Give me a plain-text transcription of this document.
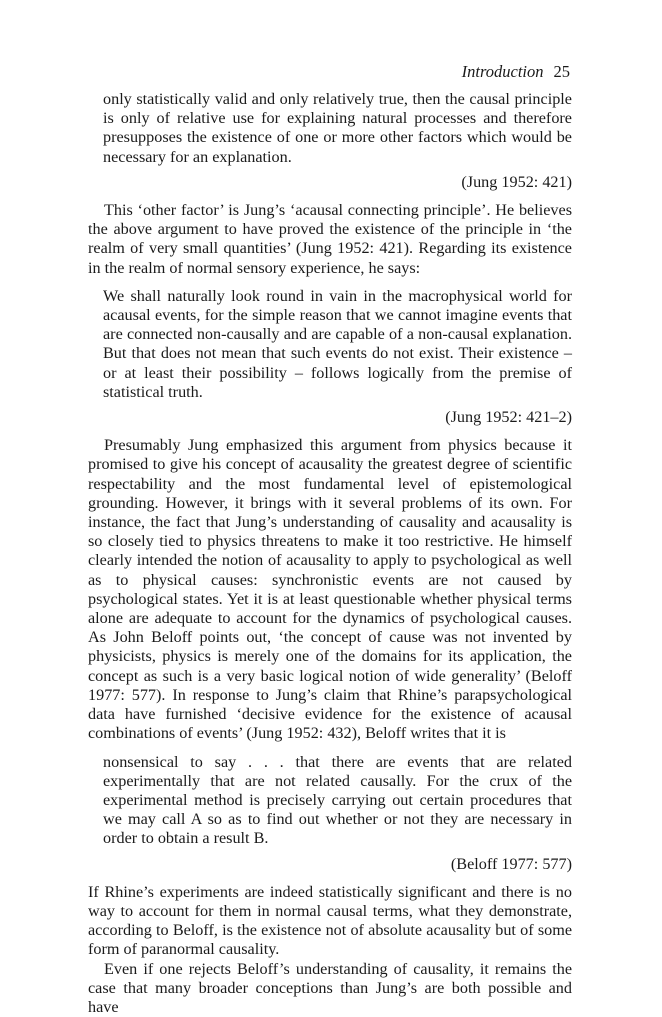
Introduction 25

only statistically valid and only relatively true, then the causal principle is only of relative use for explaining natural processes and therefore presupposes the existence of one or more other factors which would be necessary for an explanation.

(Jung 1952: 421)

This ‘other factor’ is Jung’s ‘acausal connecting principle’. He believes the above argument to have proved the existence of the principle in ‘the realm of very small quantities’ (Jung 1952: 421). Regarding its existence in the realm of normal sensory experience, he says:

We shall naturally look round in vain in the macrophysical world for acausal events, for the simple reason that we cannot imagine events that are connected non-causally and are capable of a non-causal explanation. But that does not mean that such events do not exist. Their existence – or at least their possibility – follows logically from the premise of statistical truth.

(Jung 1952: 421–2)

Presumably Jung emphasized this argument from physics because it promised to give his concept of acausality the greatest degree of scientific respectability and the most fundamental level of epistemological grounding. However, it brings with it several problems of its own. For instance, the fact that Jung’s understanding of causality and acausality is so closely tied to physics threatens to make it too restrictive. He himself clearly intended the notion of acausality to apply to psychological as well as to physical causes: synchronistic events are not caused by psychological states. Yet it is at least questionable whether physical terms alone are adequate to account for the dynamics of psychological causes. As John Beloff points out, ‘the concept of cause was not invented by physicists, physics is merely one of the domains for its application, the concept as such is a very basic logical notion of wide generality’ (Beloff 1977: 577). In response to Jung’s claim that Rhine’s parapsychological data have furnished ‘decisive evidence for the existence of acausal combinations of events’ (Jung 1952: 432), Beloff writes that it is

nonsensical to say . . . that there are events that are related experimentally that are not related causally. For the crux of the experimental method is precisely carrying out certain procedures that we may call A so as to find out whether or not they are necessary in order to obtain a result B.

(Beloff 1977: 577)

If Rhine’s experiments are indeed statistically significant and there is no way to account for them in normal causal terms, what they demonstrate, according to Beloff, is the existence not of absolute acausality but of some form of paranormal causality.

Even if one rejects Beloff’s understanding of causality, it remains the case that many broader conceptions than Jung’s are both possible and have
